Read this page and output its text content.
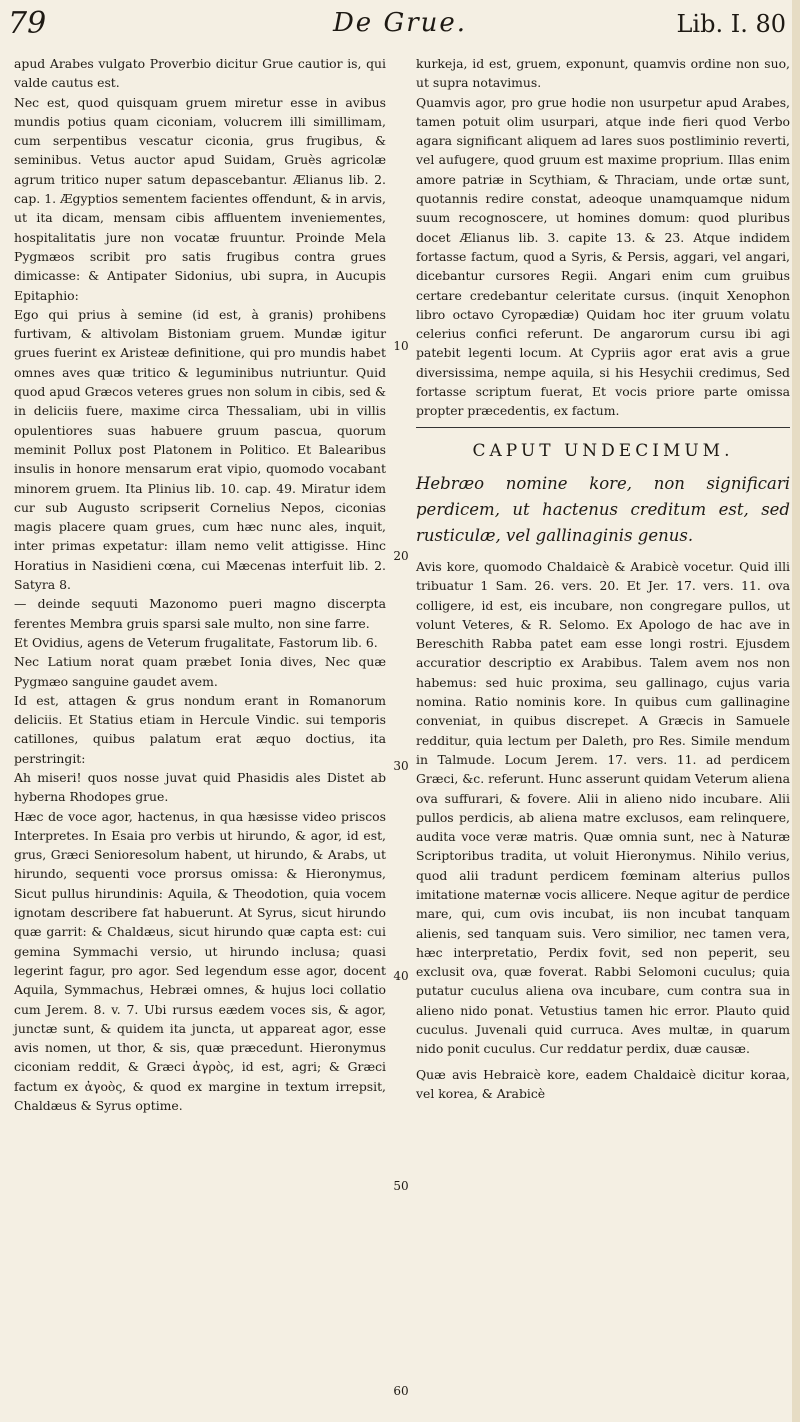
79	De Grue.	Lib. I. 80

apud Arabes vulgato Proverbio dicitur Grue cautior is, qui valde cautus est.

Nec est, quod quisquam gruem miretur esse in avibus mundis potius quam ciconiam, volucrem illi simillimam, cum serpentibus vescatur ciconia, grus frugibus, & seminibus. Vetus auctor apud Suidam, Gruès agricolæ agrum tritico nuper satum depascebantur. Ælianus lib. 2. cap. 1. Ægyptios sementem facientes offendunt, & in arvis, ut ita dicam, mensam cibis affluentem inveniementes, hospitalitatis jure non vocatæ fruuntur. Proinde Mela Pygmæos scribit pro satis frugibus contra grues dimicasse: & Antipater Sidonius, ubi supra, in Aucupis Epitaphio:

Ego qui prius à semine (id est, à granis) prohibens furtivam, & altivolam Bistoniam gruem. Mundæ igitur grues fuerint ex Aristeæ definitione, qui pro mundis habet omnes aves quæ tritico & leguminibus nutriuntur. Quid quod apud Græcos veteres grues non solum in cibis, sed & in deliciis fuere, maxime circa Thessaliam, ubi in villis opulentiores suas habuere gruum pascua, quorum meminit Pollux post Platonem in Politico. Et Balearibus insulis in honore mensarum erat vipio, quomodo vocabant minorem gruem. Ita Plinius lib. 10. cap. 49. Miratur idem cur sub Augusto scripserit Cornelius Nepos, ciconias magis placere quam grues, cum hæc nunc ales, inquit, inter primas expetatur: illam nemo velit attigisse. Hinc Horatius in Nasidieni cœna, cui Mæcenas interfuit lib. 2. Satyra 8.

— deinde sequuti Mazonomo pueri magno discerpta ferentes Membra gruis sparsi sale multo, non sine farre.

Et Ovidius, agens de Veterum frugalitate, Fastorum lib. 6.

Nec Latium norat quam præbet Ionia dives, Nec quæ Pygmæo sanguine gaudet avem.

Id est, attagen & grus nondum erant in Romanorum deliciis. Et Statius etiam in Hercule Vindic. sui temporis catillones, quibus palatum erat æquo doctius, ita perstringit:

Ah miseri! quos nosse juvat quid Phasidis ales Distet ab hyberna Rhodopes grue.

Hæc de voce agor, hactenus, in qua hæsisse video priscos Interpretes. In Esaia pro verbis ut hirundo, & agor, id est, grus, Græci Senioresolum habent, ut hirundo, & Arabs, ut hirundo, sequenti voce prorsus omissa: & Hieronymus, Sicut pullus hirundinis: Aquila, & Theodotion, quia vocem ignotam describere fat habuerunt. At Syrus, sicut hirundo quæ garrit: & Chaldæus, sicut hirundo quæ capta est: cui gemina Symmachi versio, ut hirundo inclusa; quasi legerint fagur, pro agor. Sed legendum esse agor, docent Aquila, Symmachus, Hebræi omnes, & hujus loci collatio cum Jerem. 8. v. 7. Ubi rursus eædem voces sis, & agor, junctæ sunt, & quidem ita juncta, ut appareat agor, esse avis nomen, ut thor, & sis, quæ præcedunt. Hieronymus ciconiam reddit, & Græci ἀγρὸς, id est, agri; & Græci factum ex ἀγοὸς, & quod ex margine in textum irrepsit, Chaldæus & Syrus optime.

10
20
30
40
50
60

kurkeja, id est, gruem, exponunt, quamvis ordine non suo, ut supra notavimus.

Quamvis agor, pro grue hodie non usurpetur apud Arabes, tamen potuit olim usurpari, atque inde fieri quod Verbo agara significant aliquem ad lares suos postliminio reverti, vel aufugere, quod gruum est maxime proprium. Illas enim amore patriæ in Scythiam, & Thraciam, unde ortæ sunt, quotannis redire constat, adeoque unamquamque nidum suum recognoscere, ut homines domum: quod pluribus docet Ælianus lib. 3. capite 13. & 23. Atque indidem fortasse factum, quod a Syris, & Persis, aggari, vel angari, dicebantur cursores Regii. Angari enim cum gruibus certare credebantur celeritate cursus. (inquit Xenophon libro octavo Cyropædiæ) Quidam hoc iter gruum volatu celerius confici referunt. De angarorum cursu ibi agi patebit legenti locum. At Cypriis agor erat avis a grue diversissima, nempe aquila, si his Hesychii credimus, Sed fortasse scriptum fuerat, Et vocis priore parte omissa propter præcedentis, ex factum.

CAPUT UNDECIMUM.

Hebræo nomine kore, non significari perdicem, ut hactenus creditum est, sed rusticulæ, vel gallinaginis genus.

Avis kore, quomodo Chaldaicè & Arabicè vocetur. Quid illi tribuatur 1 Sam. 26. vers. 20. Et Jer. 17. vers. 11. ova colligere, id est, eis incubare, non congregare pullos, ut volunt Veteres, & R. Selomo. Ex Apologo de hac ave in Bereschith Rabba patet eam esse longi rostri. Ejusdem accuratior descriptio ex Arabibus. Talem avem nos non habemus: sed huic proxima, seu gallinago, cujus varia nomina. Ratio nominis kore. In quibus cum gallinagine conveniat, in quibus discrepet. A Græcis in Samuele redditur, quia lectum per Daleth, pro Res. Simile mendum in Talmude. Locum Jerem. 17. vers. 11. ad perdicem Græci, &c. referunt. Hunc asserunt quidam Veterum aliena ova suffurari, & fovere. Alii in alieno nido incubare. Alii pullos perdicis, ab aliena matre exclusos, eam relinquere, audita voce veræ matris. Quæ omnia sunt, nec à Naturæ Scriptoribus tradita, ut voluit Hieronymus. Nihilo verius, quod alii tradunt perdicem fœminam alterius pullos imitatione maternæ vocis allicere. Neque agitur de perdice mare, qui, cum ovis incubat, iis non incubat tanquam alienis, sed tanquam suis. Vero similior, nec tamen vera, hæc interpretatio, Perdix fovit, sed non peperit, seu exclusit ova, quæ foverat. Rabbi Selomoni cuculus; quia putatur cuculus aliena ova incubare, cum contra sua in alieno nido ponat. Vetustius tamen hic error. Plauto quid cuculus. Juvenali quid curruca. Aves multæ, in quarum nido ponit cuculus. Cur reddatur perdix, duæ causæ.

Quæ avis Hebraicè kore, eadem Chaldaicè dicitur koraa, vel korea, & Arabicè
